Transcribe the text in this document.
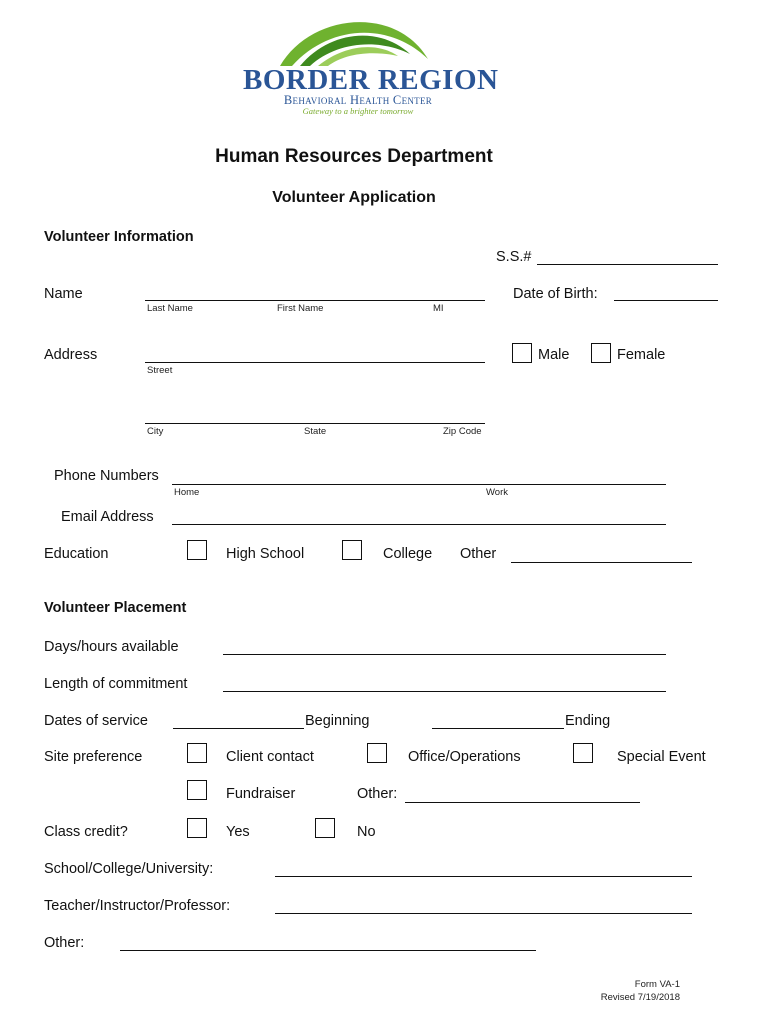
BORDER REGION
Behavioral Health Center
Gateway to a brighter tomorrow
Human Resources Department
Volunteer Application
Volunteer Information
S.S.#
Name
Last Name	First Name	MI
Date of Birth:
Address
Street
Male	Female
City	State	Zip Code
Phone Numbers
Home	Work
Email Address
Education	High School	College Other
Volunteer Placement
Days/hours available
Length of commitment
Dates of service	Beginning	Ending
Site preference	Client contact	Office/Operations	Special Event
Fundraiser	Other:
Class credit?	Yes	No
School/College/University:
Teacher/Instructor/Professor:
Other:
Form VA-1
Revised 7/19/2018
